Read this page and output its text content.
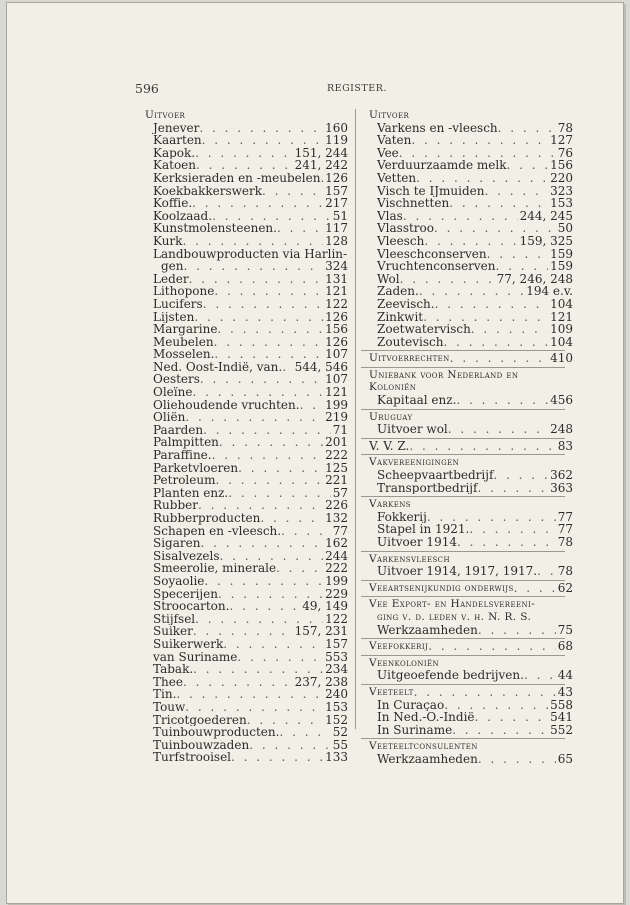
596	REGISTER.
Uitvoer
Jenever . . .	160
Kaarten . . .	119
Kapok. . . .	151, 244
Katoen . . .	241, 242
Kerksieraden en -meubelen . . . 126
Koekbakkerswerk . . .	157
Koffie. . . .	217
Koolzaad. . . .	51
Kunstmolensteenen. . . .	117
Kurk . . .	128
Landbouwproducten via Harlin-
gen . . .	324
Leder . . .	131
Lithopone . . .	121
Lucifers . . .	122
Lijsten . . .	126
Margarine . . .	156
Meubelen . . .	126
Mosselen. . . .	107
Ned. Oost-Indië, van. . . . 544, 546
Oesters . . .	107
Oleïne . . .	121
Oliehoudende vruchten. . . . 199
Oliën . . .	219
Paarden . . .	71
Palmpitten . . .	201
Paraffine. . . .	222
Parketvloeren . . .	125
Petroleum . . .	221
Planten enz. . . .	57
Rubber . . .	226
Rubberproducten . . .	132
Schapen en -vleesch. . . .	77
Sigaren . . .	162
Sisalvezels . . .	244
Smeerolie, minerale . . .	222
Soyaolie . . .	199
Specerijen . . .	229
Stroocarton. . . .	49, 149
Stijfsel . . .	122
Suiker . . .	157, 231
Suikerwerk . . .	157
van Suriname . . .	553
Tabak. . . .	234
Thee . . .	237, 238
Tin. . . .	240
Touw . . .	153
Tricotgoederen . . .	152
Tuinbouwproducten. . . .	52
Tuinbouwzaden . . .	55
Turfstrooisel . . .	133
Uitvoer
Varkens en -vleesch . . .	78
Vaten . . .	127
Vee . . .	76
Verduurzaamde melk . . .	156
Vetten . . .	220
Visch te IJmuiden . . .	323
Vischnetten . . .	153
Vlas . . .	244, 245
Vlasstroo . . .	50
Vleesch . . .	159, 325
Vleeschconserven . . .	159
Vruchtenconserven . . .	159
Wol . . .	77, 246, 248
Zaden. . . .	194 e.v.
Zeevisch. . . .	104
Zinkwit . . .	121
Zoetwatervisch . . .	109
Zoutevisch . . .	104
Uitvoerrechten . . .	410
Uniebank voor Nederland en
Koloniën
Kapitaal enz. . . .	456
Uruguay
Uitvoer wol . . .	248
V. V. Z. . . .	83
Vakvereenigingen
Scheepvaartbedrijf . . .	362
Transportbedrijf . . .	363
Varkens
Fokkerij . . .	77
Stapel in 1921. . . .	77
Uitvoer 1914 . . .	78
Varkensvleesch
Uitvoer 1914, 1917, 1917. . . . 78
Veeartsenijkundig onderwijs . . .	62
Vee Export- en Handelsvereeni-
ging v. d. leden v. h. N. R. S.
Werkzaamheden . . .	75
Veefokkerij . . .	68
Veenkoloniën
Uitgeoefende bedrijven. . . .	44
Veeteelt . . .	43
In Curaçao . . .	558
In Ned.-O.-Indië . . .	541
In Suriname . . .	552
Veeteeltconsulenten
Werkzaamheden . . .	65
